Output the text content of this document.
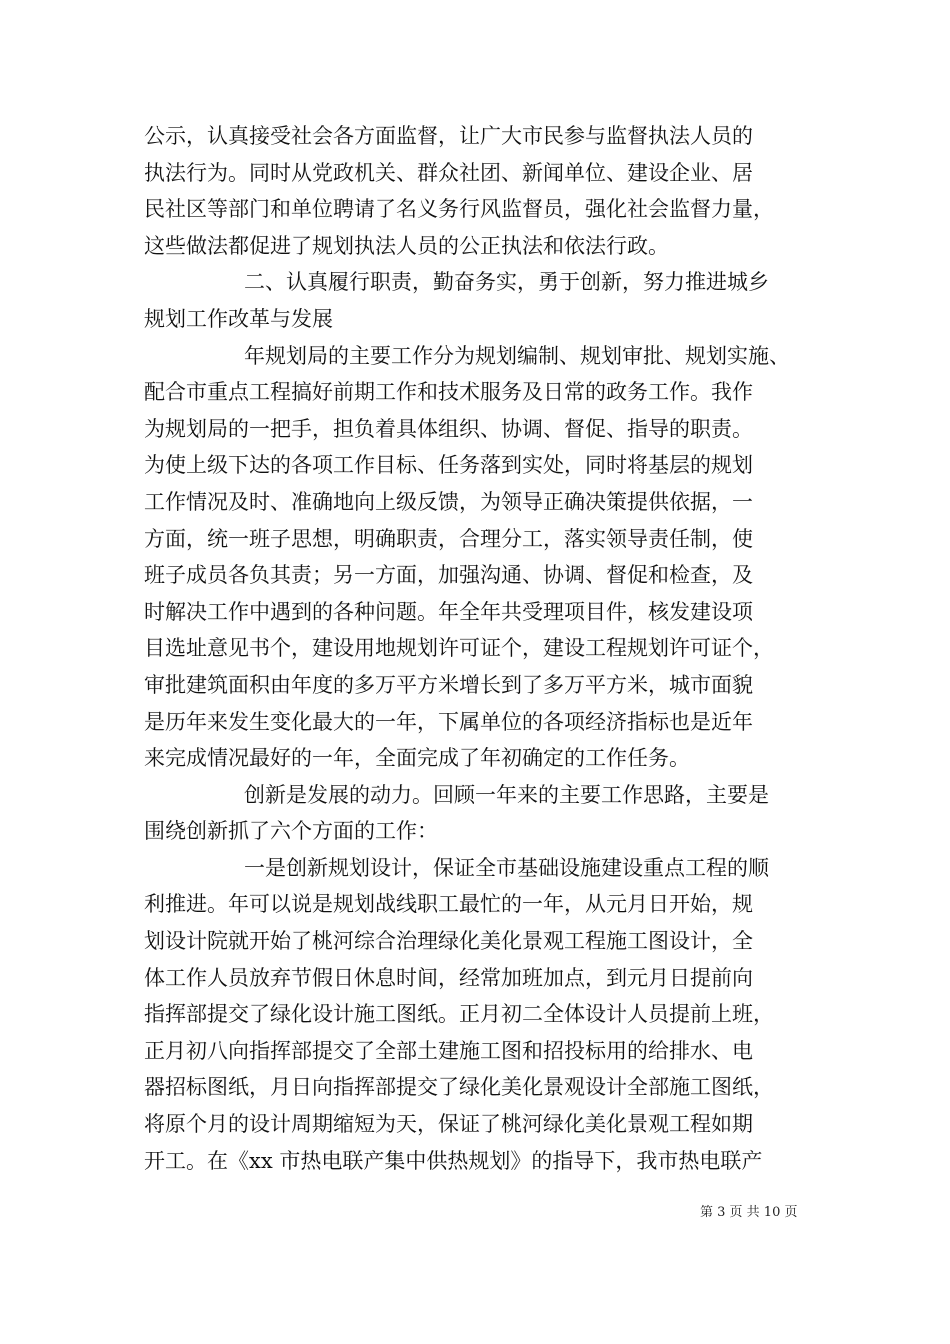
公示，认真接受社会各方面监督，让广大市民参与监督执法人员的
执法行为。同时从党政机关、群众社团、新闻单位、建设企业、居
民社区等部门和单位聘请了名义务行风监督员，强化社会监督力量，
这些做法都促进了规划执法人员的公正执法和依法行政。
二、认真履行职责，勤奋务实，勇于创新，努力推进城乡
规划工作改革与发展
年规划局的主要工作分为规划编制、规划审批、规划实施、
配合市重点工程搞好前期工作和技术服务及日常的政务工作。我作
为规划局的一把手，担负着具体组织、协调、督促、指导的职责。
为使上级下达的各项工作目标、任务落到实处，同时将基层的规划
工作情况及时、准确地向上级反馈，为领导正确决策提供依据，一
方面，统一班子思想，明确职责，合理分工，落实领导责任制，使
班子成员各负其责；另一方面，加强沟通、协调、督促和检查，及
时解决工作中遇到的各种问题。年全年共受理项目件，核发建设项
目选址意见书个，建设用地规划许可证个，建设工程规划许可证个，
审批建筑面积由年度的多万平方米增长到了多万平方米，城市面貌
是历年来发生变化最大的一年，下属单位的各项经济指标也是近年
来完成情况最好的一年，全面完成了年初确定的工作任务。
创新是发展的动力。回顾一年来的主要工作思路，主要是
围绕创新抓了六个方面的工作：
一是创新规划设计，保证全市基础设施建设重点工程的顺
利推进。年可以说是规划战线职工最忙的一年，从元月日开始，规
划设计院就开始了桃河综合治理绿化美化景观工程施工图设计，全
体工作人员放弃节假日休息时间，经常加班加点，到元月日提前向
指挥部提交了绿化设计施工图纸。正月初二全体设计人员提前上班，
正月初八向指挥部提交了全部土建施工图和招投标用的给排水、电
器招标图纸，月日向指挥部提交了绿化美化景观设计全部施工图纸，
将原个月的设计周期缩短为天，保证了桃河绿化美化景观工程如期
开工。在《xx 市热电联产集中供热规划》的指导下，我市热电联产
第 3 页 共 10 页
